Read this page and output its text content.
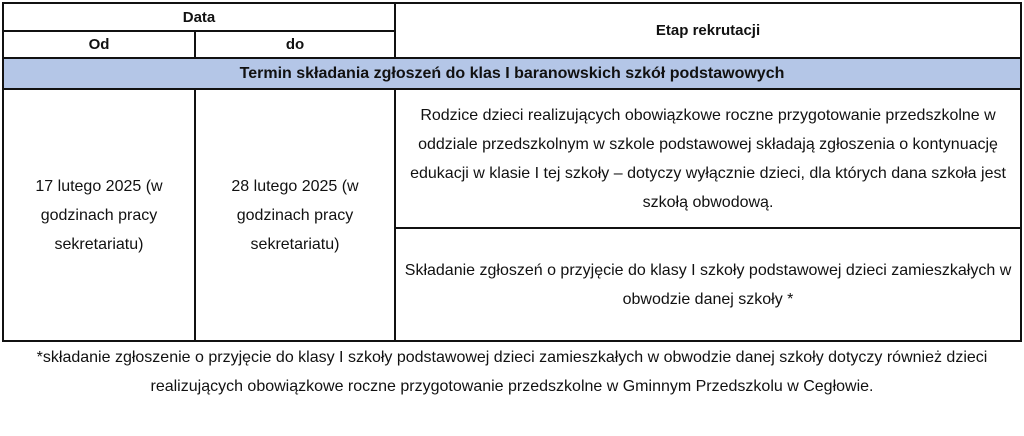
Data		Etap rekrutacji
Od	do	
Termin składania zgłoszeń do klas I baranowskich szkół podstawowych		
17 lutego 2025 (w godzinach pracy sekretariatu)	28 lutego 2025 (w godzinach pracy sekretariatu)	Rodzice dzieci realizujących obowiązkowe roczne przygotowanie przedszkolne w oddziale przedszkolnym w szkole podstawowej składają zgłoszenia o kontynuację edukacji w klasie I tej szkoły – dotyczy wyłącznie dzieci, dla których dana szkoła jest szkołą obwodową.
		Składanie zgłoszeń o przyjęcie do klasy I szkoły podstawowej dzieci zamieszkałych w obwodzie danej szkoły *

*składanie zgłoszenie o przyjęcie do klasy I szkoły podstawowej dzieci zamieszkałych w obwodzie danej szkoły dotyczy również dzieci realizujących obowiązkowe roczne przygotowanie przedszkolne w Gminnym Przedszkolu w Cegłowie.
